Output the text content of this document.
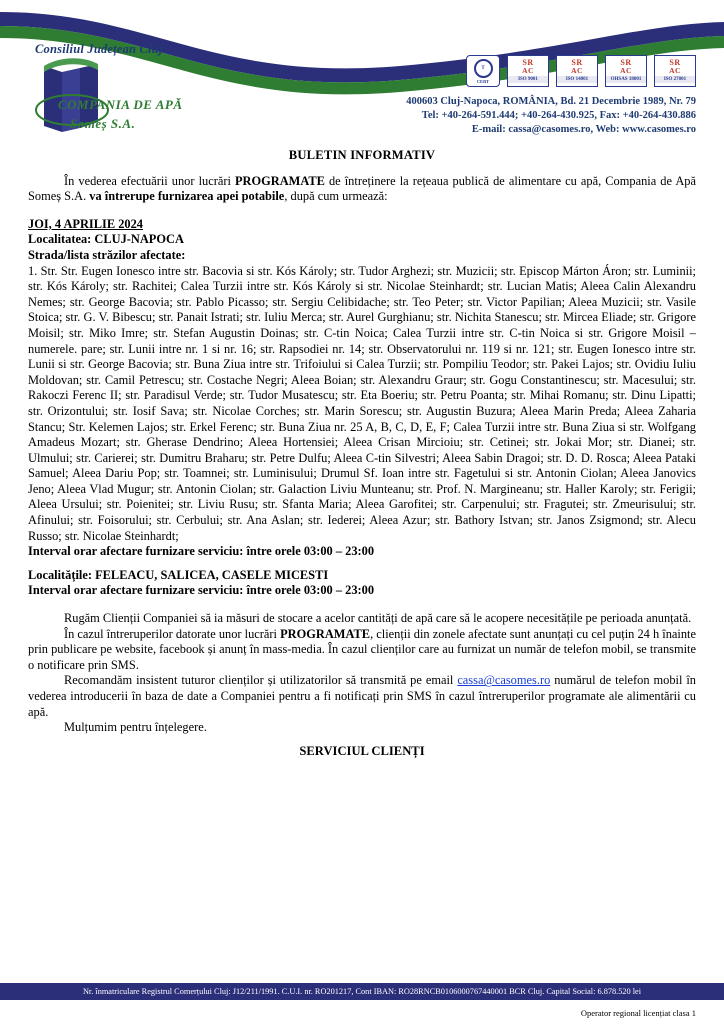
Consiliul Județean Cluj
COMPANIA DE APĂ
Someș S.A.
T
CERT
SR
AC
ISO 9001
SR
AC
ISO 14001
SR
AC
OHSAS 18001
SR
AC
ISO 27001
400603 Cluj-Napoca, ROMÂNIA, Bd. 21 Decembrie 1989, Nr. 79
Tel: +40-264-591.444; +40-264-430.925, Fax: +40-264-430.886
E-mail: cassa@casomes.ro, Web: www.casomes.ro
BULETIN INFORMATIV

În vederea efectuării unor lucrări PROGRAMATE de întreținere la rețeaua publică de alimentare cu apă, Compania de Apă Someș S.A. va întrerupe furnizarea apei potabile, după cum urmează:

JOI, 4 APRILIE 2024
Localitatea: CLUJ-NAPOCA
Strada/lista străzilor afectate:
1. Str. Str. Eugen Ionesco intre str. Bacovia si str. Kós Károly; str. Tudor Arghezi; str. Muzicii; str. Episcop Márton Áron; str. Luminii; str. Kós Károly; str. Rachitei; Calea Turzii intre str. Kós Károly si str. Nicolae Steinhardt; str. Lucian Matis; Aleea Calin Alexandru Nemes; str. George Bacovia; str. Pablo Picasso; str. Sergiu Celibidache; str. Teo Peter; str. Victor Papilian; Aleea Muzicii; str. Vasile Stoica; str. G. V. Bibescu; str. Panait Istrati; str. Iuliu Merca; str. Aurel Gurghianu; str. Nichita Stanescu; str. Mircea Eliade; str. Grigore Moisil; str. Miko Imre; str. Stefan Augustin Doinas; str. C-tin Noica; Calea Turzii intre str. C-tin Noica si str. Grigore Moisil – numerele. pare; str. Lunii intre nr. 1 si nr. 16; str. Rapsodiei nr. 14; str. Observatorului nr. 119 si nr. 121; str. Eugen Ionesco intre str. Lunii si str. George Bacovia; str. Buna Ziua intre str. Trifoiului si Calea Turzii; str. Pompiliu Teodor; str. Pakei Lajos; str. Ovidiu Iuliu Moldovan; str. Camil Petrescu; str. Costache Negri; Aleea Boian; str. Alexandru Graur; str. Gogu Constantinescu; str. Macesului; str. Rakoczi Ferenc II; str. Paradisul Verde; str. Tudor Musatescu; str. Eta Boeriu; str. Petru Poanta; str. Mihai Romanu; str. Dinu Lipatti; str. Orizontului; str. Iosif Sava; str. Nicolae Corches; str. Marin Sorescu; str. Augustin Buzura; Aleea Marin Preda; Aleea Zaharia Stancu; Str. Kelemen Lajos; str. Erkel Ferenc; str. Buna Ziua nr. 25 A, B, C, D, E, F; Calea Turzii intre str. Buna Ziua si str. Wolfgang Amadeus Mozart; str. Gherase Dendrino; Aleea Hortensiei; Aleea Crisan Mircioiu; str. Cetinei; str. Jokai Mor; str. Dianei; str. Ulmului; str. Carierei; str. Dumitru Braharu; str. Petre Dulfu; Aleea C-tin Silvestri; Aleea Sabin Dragoi; str. D. D. Rosca; Aleea Pataki Samuel; Aleea Dariu Pop; str. Toamnei; str. Luminisului; Drumul Sf. Ioan intre str. Fagetului si str. Antonin Ciolan; Aleea Janovics Jeno; Aleea Vlad Mugur; str. Antonin Ciolan; str. Galaction Liviu Munteanu; str. Prof. N. Margineanu; str. Haller Karoly; str. Ferigii; Aleea Ursului; str. Poienitei; str. Liviu Rusu; str. Sfanta Maria; Aleea Garofitei; str. Carpenului; str. Fragutei; str. Zmeurisului; str. Afinului; str. Foisorului; str. Cerbului; str. Ana Aslan; str. Iederei; Aleea Azur; str. Bathory Istvan; str. Janos Zsigmond; str. Alecu Russo; str. Nicolae Steinhardt;
Interval orar afectare furnizare serviciu: între orele 03:00 – 23:00
Localitățile: FELEACU, SALICEA, CASELE MICESTI
Interval orar afectare furnizare serviciu: între orele 03:00 – 23:00

Rugăm Clienții Companiei să ia măsuri de stocare a acelor cantități de apă care să le acopere necesitățile pe perioada anunțată.

În cazul întreruperilor datorate unor lucrări PROGRAMATE, clienții din zonele afectate sunt anunțați cu cel puțin 24 h înainte prin publicare pe website, facebook și anunț în mass-media. În cazul clienților care au furnizat un număr de telefon mobil, se transmite o notificare prin SMS.

Recomandăm insistent tuturor clienților și utilizatorilor să transmită pe email cassa@casomes.ro numărul de telefon mobil în vederea introducerii în baza de date a Companiei pentru a fi notificați prin SMS în cazul întreruperilor programate ale alimentării cu apă.

Mulțumim pentru înțelegere.

SERVICIUL CLIENȚI
Nr. înmatriculare Registrul Comerțului Cluj: J12/211/1991. C.U.I. nr. RO201217, Cont IBAN: RO28RNCB0106000767440001 BCR Cluj. Capital Social: 6.878.520 lei
Operator regional licențiat clasa 1
